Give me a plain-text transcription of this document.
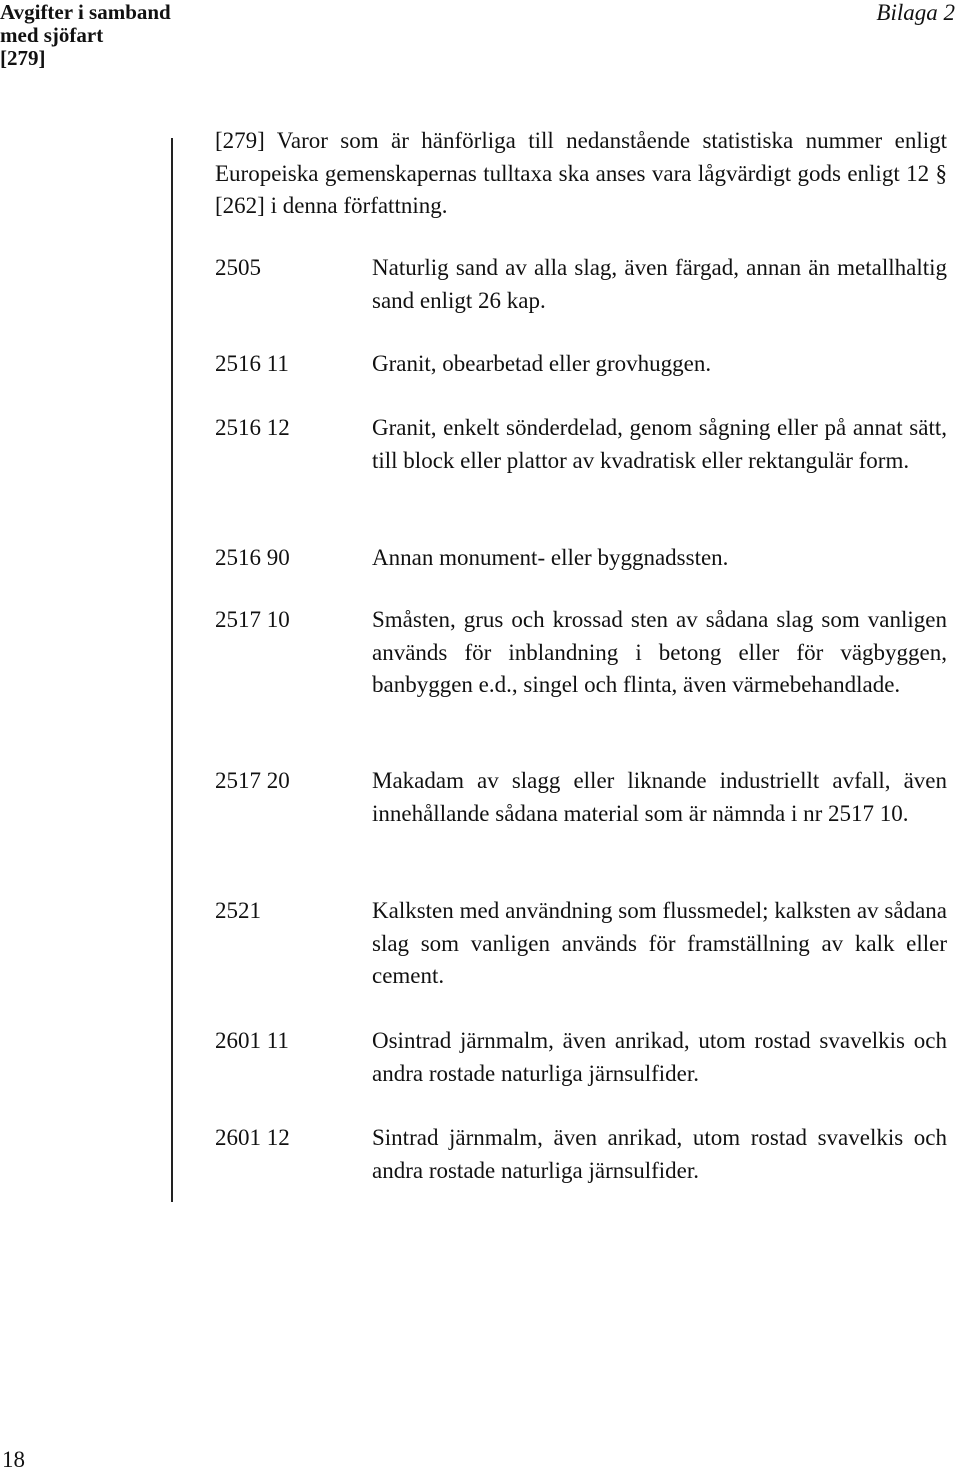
Avgifter i samband
med sjöfart
[279]
Bilaga 2
[279] Varor som är hänförliga till nedanstående statistiska nummer enligt Europeiska gemenskapernas tulltaxa ska anses vara lågvärdigt gods enligt 12 § [262] i denna författning.
2505	Naturlig sand av alla slag, även färgad, annan än metallhaltig sand enligt 26 kap.
2516 11	Granit, obearbetad eller grovhuggen.
2516 12	Granit, enkelt sönderdelad, genom sågning eller på annat sätt, till block eller plattor av kvadratisk eller rektangulär form.
2516 90	Annan monument- eller byggnadssten.
2517 10	Småsten, grus och krossad sten av sådana slag som vanligen används för inblandning i betong eller för vägbyggen, banbyggen e.d., singel och flinta, även värmebehandlade.
2517 20	Makadam av slagg eller liknande industriellt avfall, även innehållande sådana material som är nämnda i nr 2517 10.
2521	Kalksten med användning som flussmedel; kalksten av sådana slag som vanligen används för framställning av kalk eller cement.
2601 11	Osintrad järnmalm, även anrikad, utom rostad svavelkis och andra rostade naturliga järnsulfider.
2601 12	Sintrad järnmalm, även anrikad, utom rostad svavelkis och andra rostade naturliga järnsulfider.
18
